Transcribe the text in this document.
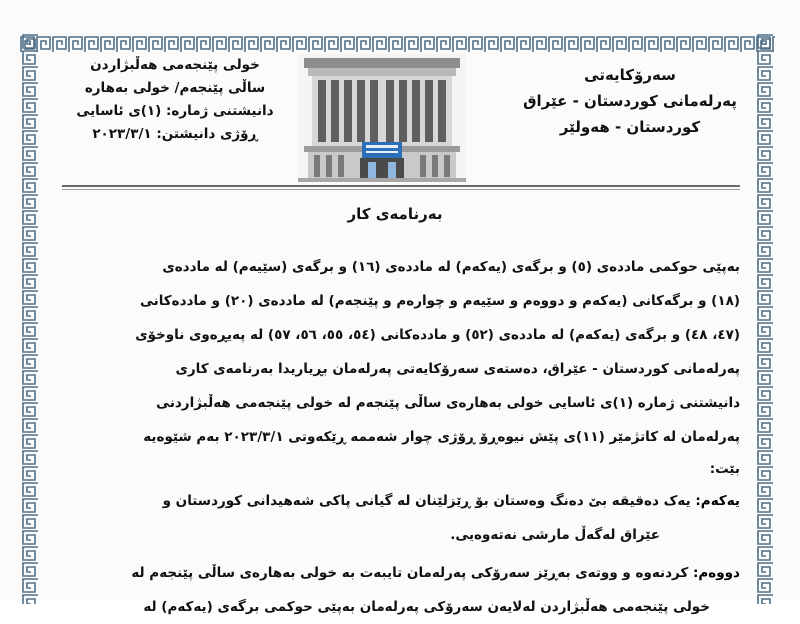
خولی پێنجەمی هەڵبژاردن
ساڵی پێنجەم/ خولی بەهارە
دانیشتنی ژمارە: (١)ی ئاسایی
ڕۆژی دانیشتن: ٢٠٢٣/٣/١
سەرۆکایەتی
پەرلەمانی کوردستان - عێراق
کوردستان - هەولێر
بەرنامەی کار
بەپێی حوکمی ماددەی (٥) و برگەی (یەکەم) لە ماددەی (١٦) و برگەی (سێیەم) لە ماددەی
(١٨) و برگەکانی (یەکەم و دووەم و سێیەم و چوارەم و پێنجەم) لە ماددەی (٢٠) و ماددەکانی
(٤٧، ٤٨) و برگەی (یەکەم) لە ماددەی (٥٢) و ماددەکانی (٥٤، ٥٥، ٥٦، ٥٧) لە پەیڕەوی ناوخۆی
پەرلەمانی کوردستان - عێراق، دەستەی سەرۆکایەتی پەرلەمان بڕیاریدا بەرنامەی کاری
دانیشتنی ژمارە (١)ی ئاسایی خولی بەهارەی ساڵی پێنجەم لە خولی پێنجەمی هەڵبژاردنی
پەرلەمان لە کاتژمێر (١١)ی پێش نیوەڕۆ ڕۆژی چوار شەممە ڕێکەوتی ٢٠٢٣/٣/١ بەم شێوەیە
بێت:
یەکەم: یەک دەقیقە بێ دەنگ وەستان بۆ ڕێزلێنان لە گیانی پاکی شەهیدانی کوردستان و
عێراق لەگەڵ مارشی نەتەوەیی.
دووەم: کردنەوە و ووتەی بەڕێز سەرۆکی پەرلەمان تایبەت بە خولی بەهارەی ساڵی پێنجەم لە
خولی پێنجەمی هەڵبژاردن لەلایەن سەرۆکی پەرلەمان بەپێی حوکمی برگەی (یەکەم) لە
